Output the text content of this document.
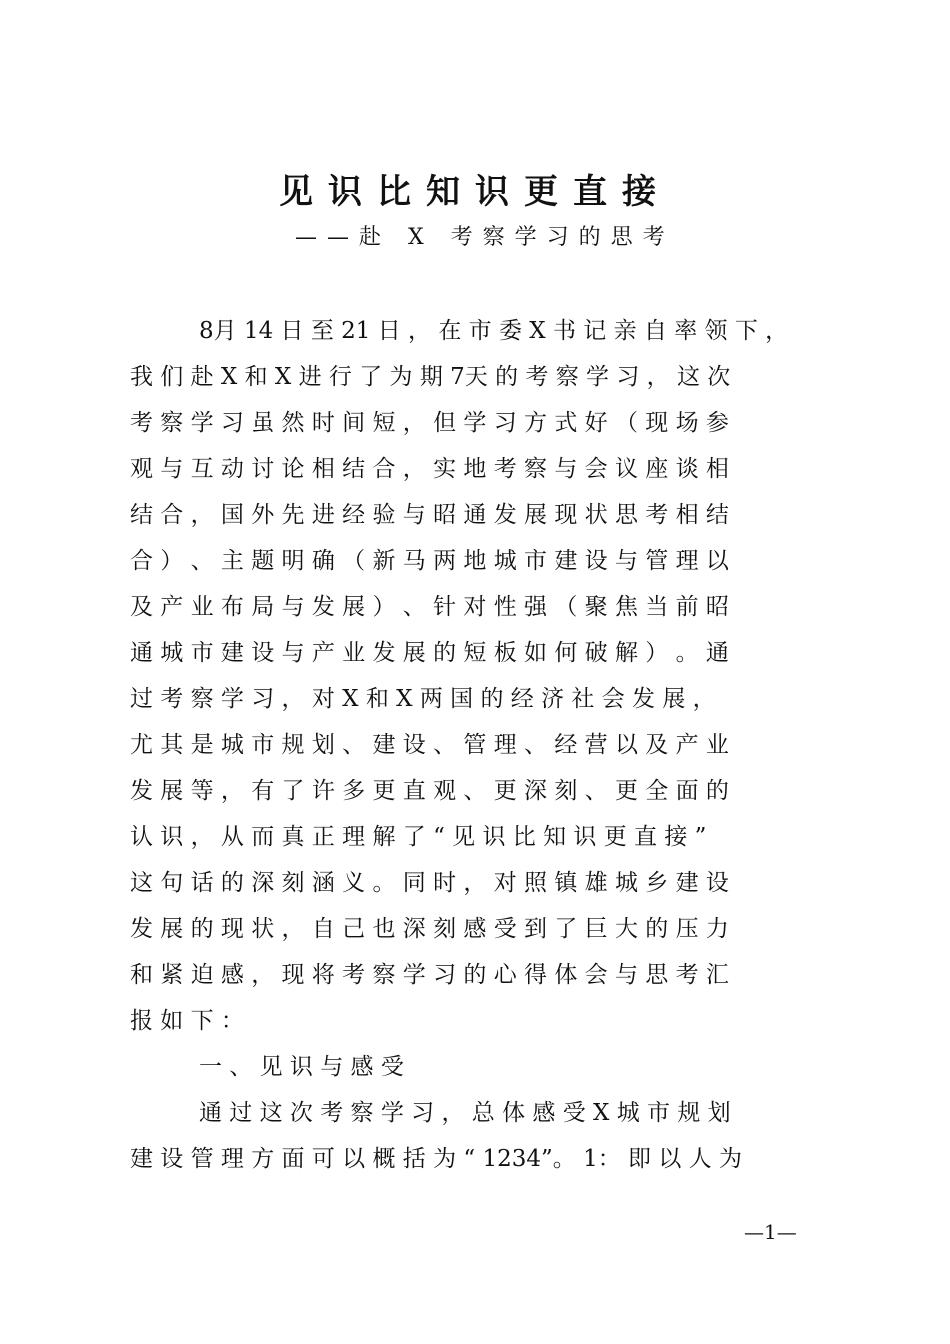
见识比知识更直接
——赴 X 考察学习的思考
8月 14 日 至 21 日 ， 在 市 委 X 书 记 亲 自 率 领 下 ，
我 们 赴 X 和 X 进 行 了 为 期 7天 的 考 察 学 习 ， 这 次
考 察 学 习 虽 然 时 间 短 ， 但 学 习 方 式 好 （ 现 场 参
观 与 互 动 讨 论 相 结 合 ， 实 地 考 察 与 会 议 座 谈 相
结 合 ， 国 外 先 进 经 验 与 昭 通 发 展 现 状 思 考 相 结
合 ） 、 主 题 明 确 （ 新 马 两 地 城 市 建 设 与 管 理 以
及 产 业 布 局 与 发 展 ） 、 针 对 性 强 （ 聚 焦 当 前 昭
通 城 市 建 设 与 产 业 发 展 的 短 板 如 何 破 解 ） 。 通
过 考 察 学 习 ， 对 X 和 X 两 国 的 经 济 社 会 发 展 ，
尤 其 是 城 市 规 划 、 建 设 、 管 理 、 经 营 以 及 产 业
发 展 等 ， 有 了 许 多 更 直 观 、 更 深 刻 、 更 全 面 的
认 识 ， 从 而 真 正 理 解 了 “ 见 识 比 知 识 更 直 接 ”
这 句 话 的 深 刻 涵 义 。 同 时 ， 对 照 镇 雄 城 乡 建 设
发 展 的 现 状 ， 自 己 也 深 刻 感 受 到 了 巨 大 的 压 力
和 紧 迫 感 ， 现 将 考 察 学 习 的 心 得 体 会 与 思 考 汇
报 如 下 ：
一 、 见 识 与 感 受
通 过 这 次 考 察 学 习 ， 总 体 感 受 X 城 市 规 划
建 设 管 理 方 面 可 以 概 括 为 “ 1234”。 1： 即 以 人 为
—1—
